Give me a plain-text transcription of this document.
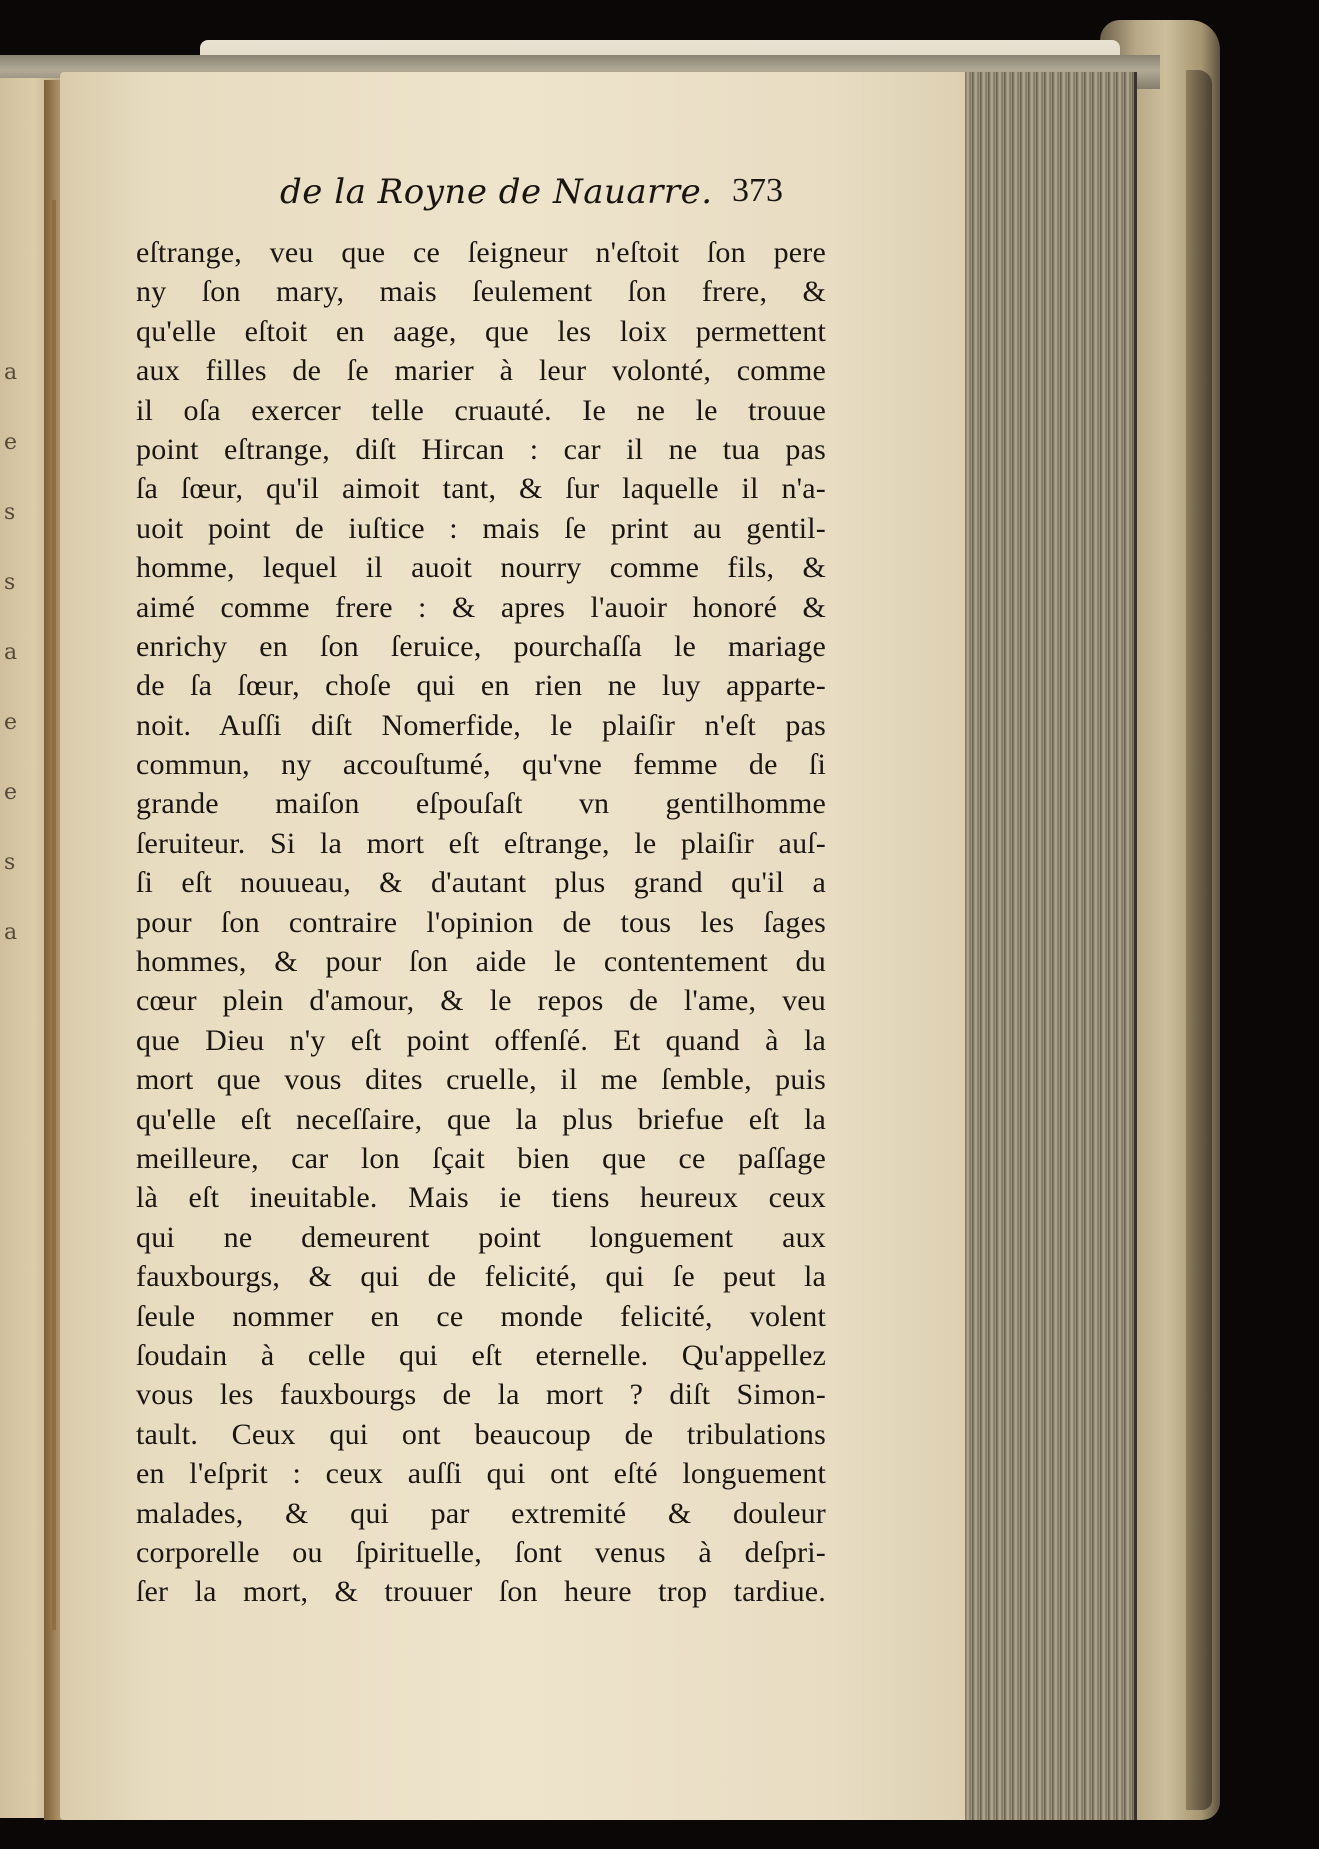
a
e
s
s
a
e
e
s
a
de la Royne de Nauarre. 373
eſtrange, veu que ce ſeigneur n'eſtoit ſon pere
ny ſon mary, mais ſeulement ſon frere, &
qu'elle eſtoit en aage, que les loix permettent
aux filles de ſe marier à leur volonté, comme
il oſa exercer telle cruauté. Ie ne le trouue
point eſtrange, diſt Hircan : car il ne tua pas
ſa ſœur, qu'il aimoit tant, & ſur laquelle il n'a-
uoit point de iuſtice : mais ſe print au gentil-
homme, lequel il auoit nourry comme fils, &
aimé comme frere : & apres l'auoir honoré &
enrichy en ſon ſeruice, pourchaſſa le mariage
de ſa ſœur, choſe qui en rien ne luy apparte-
noit. Auſſi diſt Nomerfide, le plaiſir n'eſt pas
commun, ny accouſtumé, qu'vne femme de ſi
grande maiſon eſpouſaſt vn gentilhomme
ſeruiteur. Si la mort eſt eſtrange, le plaiſir auſ-
ſi eſt nouueau, & d'autant plus grand qu'il a
pour ſon contraire l'opinion de tous les ſages
hommes, & pour ſon aide le contentement du
cœur plein d'amour, & le repos de l'ame, veu
que Dieu n'y eſt point offenſé. Et quand à la
mort que vous dites cruelle, il me ſemble, puis
qu'elle eſt neceſſaire, que la plus briefue eſt la
meilleure, car lon ſçait bien que ce paſſage
là eſt ineuitable. Mais ie tiens heureux ceux
qui ne demeurent point longuement aux
fauxbourgs, & qui de felicité, qui ſe peut la
ſeule nommer en ce monde felicité, volent
ſoudain à celle qui eſt eternelle. Qu'appellez
vous les fauxbourgs de la mort ? diſt Simon-
tault. Ceux qui ont beaucoup de tribulations
en l'eſprit : ceux auſſi qui ont eſté longuement
malades, & qui par extremité & douleur
corporelle ou ſpirituelle, ſont venus à deſpri-
ſer la mort, & trouuer ſon heure trop tardiue.
